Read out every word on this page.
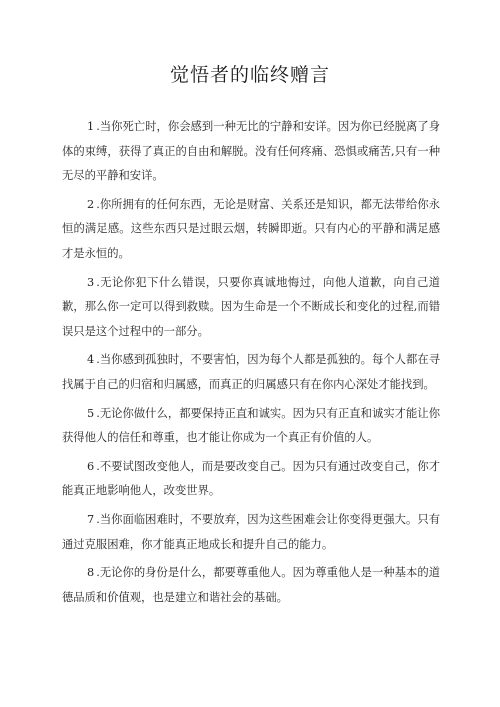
觉悟者的临终赠言

1 .当你死亡时，你会感到一种无比的宁静和安详。因为你已经脱离了身体的束缚，获得了真正的自由和解脱。没有任何疼痛、恐惧或痛苦,只有一种无尽的平静和安详。

2 .你所拥有的任何东西，无论是财富、关系还是知识，都无法带给你永恒的满足感。这些东西只是过眼云烟，转瞬即逝。只有内心的平静和满足感才是永恒的。

3 .无论你犯下什么错误，只要你真诚地悔过，向他人道歉，向自己道歉，那么你一定可以得到救赎。因为生命是一个不断成长和变化的过程,而错误只是这个过程中的一部分。

4 .当你感到孤独时，不要害怕，因为每个人都是孤独的。每个人都在寻找属于自己的归宿和归属感，而真正的归属感只有在你内心深处才能找到。

5 .无论你做什么，都要保持正直和诚实。因为只有正直和诚实才能让你获得他人的信任和尊重，也才能让你成为一个真正有价值的人。

6 .不要试图改变他人，而是要改变自己。因为只有通过改变自己，你才能真正地影响他人，改变世界。

7 .当你面临困难时，不要放弃，因为这些困难会让你变得更强大。只有通过克服困难，你才能真正地成长和提升自己的能力。

8 .无论你的身份是什么，都要尊重他人。因为尊重他人是一种基本的道德品质和价值观，也是建立和谐社会的基础。
